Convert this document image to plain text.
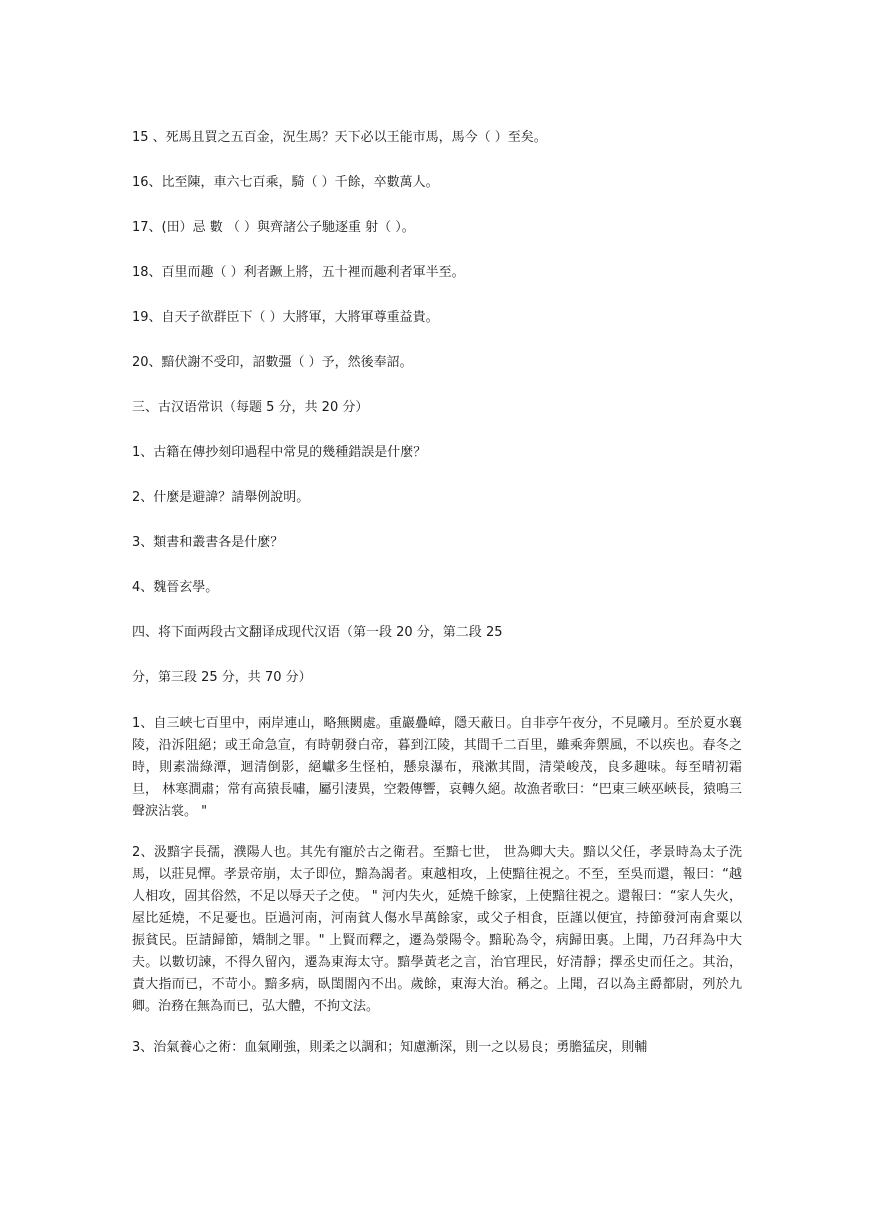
15 、死馬且買之五百金，況生馬？天下必以王能市馬，馬今（ ）至矣。
16、比至陳，車六七百乘，騎（ ）千餘，卒數萬人。
17、(田）忌 數 （ ）與齊諸公子馳逐重 射（ ）。
18、百里而趣（ ）利者蹶上將，五十裡而趣利者軍半至。
19、自天子欲群臣下（ ）大將軍，大將軍尊重益貴。
20、黯伏謝不受印，詔數彊（ ）予，然後奉詔。
三、古汉语常识（每题 5 分，共 20 分）
1、古籍在傳抄刻印過程中常見的幾種錯誤是什麼？
2、什麼是避諱？請舉例說明。
3、類書和叢書各是什麼？
4、魏晉玄學。
四、将下面两段古文翻译成现代汉语（第一段 20 分，第二段 25
分，第三段 25 分，共 70 分）
1、自三峡七百里中，兩岸連山，略無闕處。重巖疊嶂，隱天蔽日。自非亭午夜分，不見曦月。至於夏水襄陵，沿泝阻絕；或王命急宣，有時朝發白帝，暮到江陵，其間千二百里，雖乘奔禦風，不以疾也。春冬之時，則素湍綠潭，迴清倒影，絕巘多生怪柏，懸泉瀑布，飛漱其間，清榮峻茂，良多趣味。每至晴初霜旦， 林寒澗肅；常有高猿長嘯，屬引淒異，空穀傳響，哀轉久絕。故漁者歌曰：“巴東三峽巫峽長，猿鳴三聲淚沾裳。 "
2、汲黯字長孺，濮陽人也。其先有寵於古之衛君。至黯七世， 世為卿大夫。黯以父任，孝景時為太子洗馬，以莊見憚。孝景帝崩，太子即位，黯為謁者。東越相攻，上使黯往視之。不至，至吳而還，報曰：“越人相攻，固其俗然，不足以辱天子之使。 " 河内失火，延燒千餘家，上使黯往視之。還報曰：“家人失火， 屋比延燒，不足憂也。臣過河南，河南貧人傷水旱萬餘家，或父子相食，臣謹以便宜，持節發河南倉粟以振貧民。臣請歸節，矯制之罪。" 上賢而釋之，遷為滎陽令。黯恥為令，病歸田裏。上聞，乃召拜為中大夫。以數切諫，不得久留內，遷為東海太守。黯學黃老之言，治官理民，好清靜；擇丞史而任之。其治，責大指而已，不苛小。黯多病，臥閨閤內不出。歲餘，東海大治。稱之。上聞，召以為主爵都尉，列於九卿。治務在無為而已，弘大體，不拘文法。
3、治氣養心之術：血氣剛強，則柔之以調和；知慮漸深，則一之以易良；勇膽猛戾，則輔
